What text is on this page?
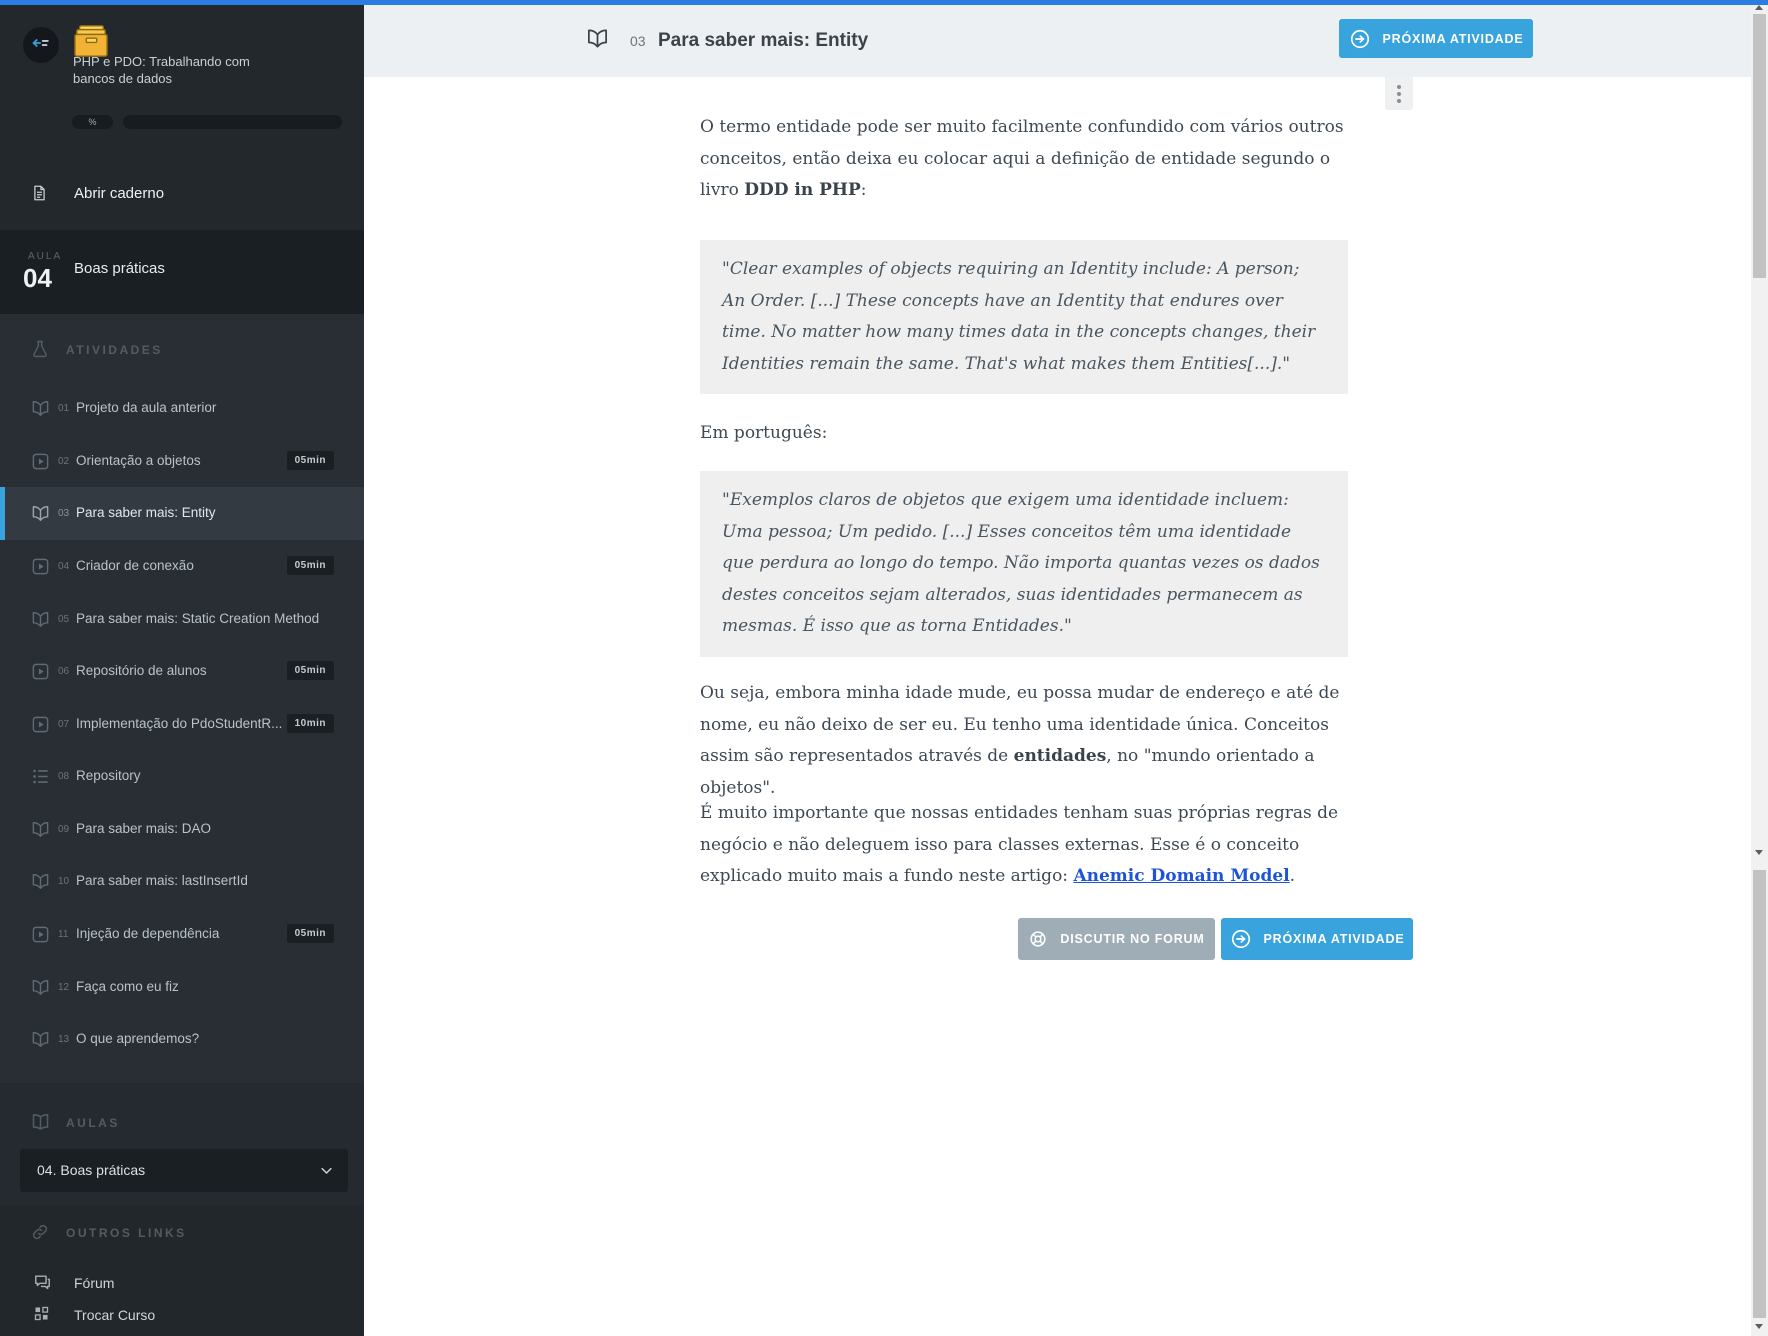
PHP e PDO: Trabalhando com bancos de dados
%
Abrir caderno
AULA
04 Boas práticas
ATIVIDADES
01 Projeto da aula anterior
02 Orientação a objetos	05min
03 Para saber mais: Entity
04 Criador de conexão	05min
05 Para saber mais: Static Creation Method
06 Repositório de alunos	05min
07 Implementação do PdoStudentR...	10min
08 Repository
09 Para saber mais: DAO
10 Para saber mais: lastInsertId
11 Injeção de dependência	05min
12 Faça como eu fiz
13 O que aprendemos?
AULAS
04. Boas práticas
OUTROS LINKS
Fórum
Trocar Curso
03 Para saber mais: Entity	PRÓXIMA ATIVIDADE

O termo entidade pode ser muito facilmente confundido com vários outros conceitos, então deixa eu colocar aqui a definição de entidade segundo o livro DDD in PHP:

"Clear examples of objects requiring an Identity include: A person; An Order. [...] These concepts have an Identity that endures over time. No matter how many times data in the concepts changes, their Identities remain the same. That's what makes them Entities[...]."

Em português:

"Exemplos claros de objetos que exigem uma identidade incluem: Uma pessoa; Um pedido. [...] Esses conceitos têm uma identidade que perdura ao longo do tempo. Não importa quantas vezes os dados destes conceitos sejam alterados, suas identidades permanecem as mesmas. É isso que as torna Entidades."

Ou seja, embora minha idade mude, eu possa mudar de endereço e até de nome, eu não deixo de ser eu. Eu tenho uma identidade única. Conceitos assim são representados através de entidades, no "mundo orientado a objetos".

É muito importante que nossas entidades tenham suas próprias regras de negócio e não deleguem isso para classes externas. Esse é o conceito explicado muito mais a fundo neste artigo: Anemic Domain Model.

DISCUTIR NO FORUM	PRÓXIMA ATIVIDADE
